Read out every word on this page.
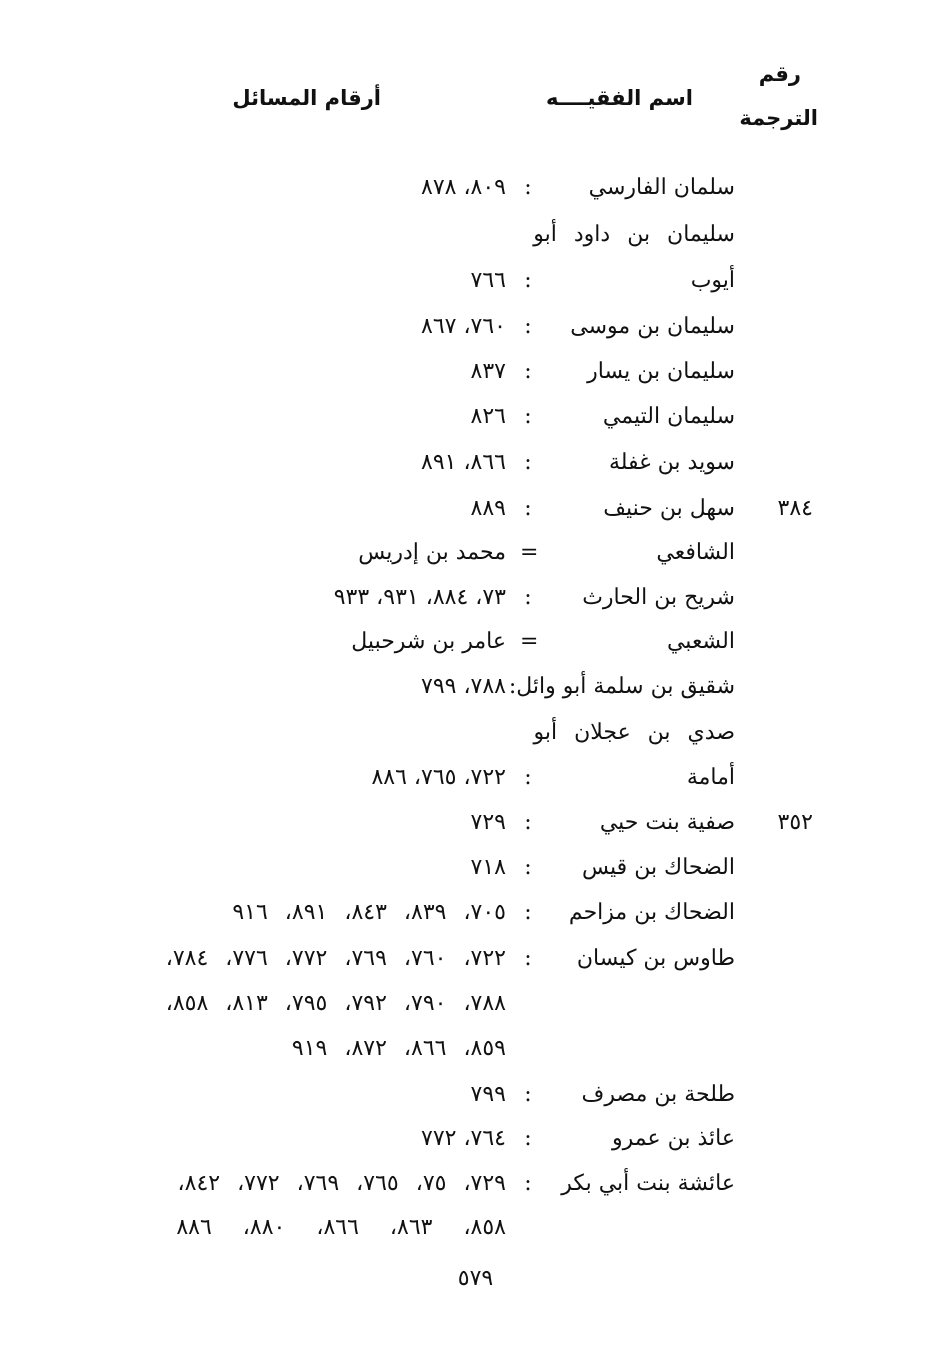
رقم
الترجمة
اسم الفقيــــه
أرقام المسائل
سلمان الفارسي
:
٨٠٩، ٨٧٨
سليمان بن داود أبو
أيوب
:
٧٦٦
سليمان بن موسى
:
٧٦٠، ٨٦٧
سليمان بن يسار
:
٨٣٧
سليمان التيمي
:
٨٢٦
سويد بن غفلة
:
٨٦٦، ٨٩١
٣٨٤
سهل بن حنيف
:
٨٨٩
الشافعي
=
محمد بن إدريس
شريح بن الحارث
:
٧٣، ٨٨٤، ٩٣١، ٩٣٣
الشعبي
=
عامر بن شرحبيل
شقيق بن سلمة أبو وائل:
٧٨٨، ٧٩٩
صدي بن عجلان أبو
أمامة
:
٧٢٢، ٧٦٥، ٨٨٦
٣٥٢
صفية بنت حيي
:
٧٢٩
الضحاك بن قيس
:
٧١٨
الضحاك بن مزاحم
:
٧٠٥، ٨٣٩، ٨٤٣، ٨٩١، ٩١٦
طاوس بن كيسان
:
٧٢٢، ٧٦٠، ٧٦٩، ٧٧٢، ٧٧٦، ٧٨٤،
٧٨٨، ٧٩٠، ٧٩٢، ٧٩٥، ٨١٣، ٨٥٨،
٨٥٩، ٨٦٦، ٨٧٢، ٩١٩
طلحة بن مصرف
:
٧٩٩
عائذ بن عمرو
:
٧٦٤، ٧٧٢
عائشة بنت أبي بكر
:
٧٢٩، ٧٥، ٧٦٥، ٧٦٩، ٧٧٢، ٨٤٢،
٨٥٨، ٨٦٣، ٨٦٦، ٨٨٠، ٨٨٦
٥٧٩
